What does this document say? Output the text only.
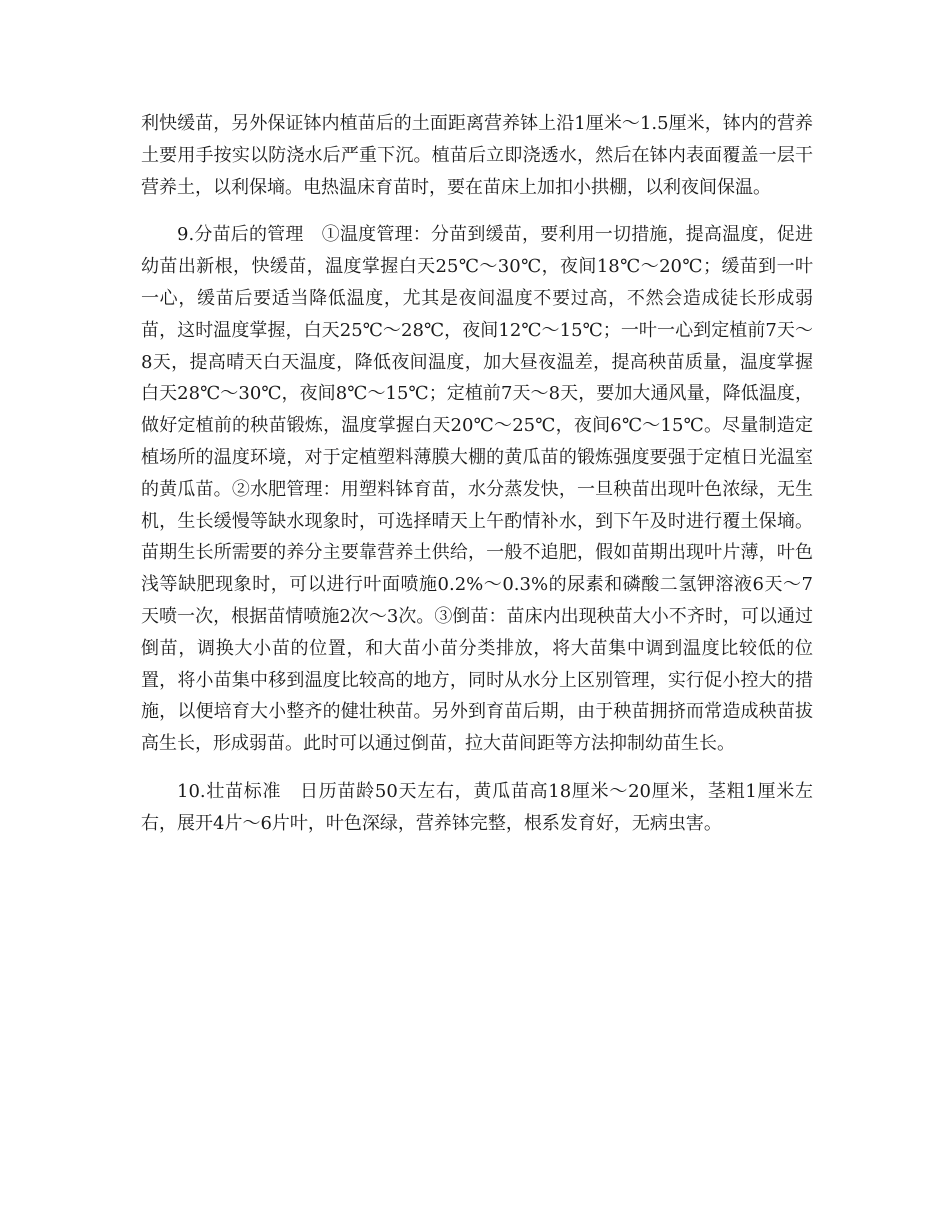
利快缓苗，另外保证钵内植苗后的土面距离营养钵上沿1厘米～1.5厘米，钵内的营养土要用手按实以防浇水后严重下沉。植苗后立即浇透水，然后在钵内表面覆盖一层干营养土，以利保墒。电热温床育苗时，要在苗床上加扣小拱棚，以利夜间保温。

9.分苗后的管理　①温度管理：分苗到缓苗，要利用一切措施，提高温度，促进幼苗出新根，快缓苗，温度掌握白天25℃～30℃，夜间18℃～20℃；缓苗到一叶一心，缓苗后要适当降低温度，尤其是夜间温度不要过高，不然会造成徒长形成弱苗，这时温度掌握，白天25℃～28℃，夜间12℃～15℃；一叶一心到定植前7天～8天，提高晴天白天温度，降低夜间温度，加大昼夜温差，提高秧苗质量，温度掌握白天28℃～30℃，夜间8℃～15℃；定植前7天～8天，要加大通风量，降低温度，做好定植前的秧苗锻炼，温度掌握白天20℃～25℃，夜间6℃～15℃。尽量制造定植场所的温度环境，对于定植塑料薄膜大棚的黄瓜苗的锻炼强度要强于定植日光温室的黄瓜苗。②水肥管理：用塑料钵育苗，水分蒸发快，一旦秧苗出现叶色浓绿，无生机，生长缓慢等缺水现象时，可选择晴天上午酌情补水，到下午及时进行覆土保墒。苗期生长所需要的养分主要靠营养土供给，一般不追肥，假如苗期出现叶片薄，叶色浅等缺肥现象时，可以进行叶面喷施0.2%～0.3%的尿素和磷酸二氢钾溶液6天～7天喷一次，根据苗情喷施2次～3次。③倒苗：苗床内出现秧苗大小不齐时，可以通过倒苗，调换大小苗的位置，和大苗小苗分类排放，将大苗集中调到温度比较低的位置，将小苗集中移到温度比较高的地方，同时从水分上区别管理，实行促小控大的措施，以便培育大小整齐的健壮秧苗。另外到育苗后期，由于秧苗拥挤而常造成秧苗拔高生长，形成弱苗。此时可以通过倒苗，拉大苗间距等方法抑制幼苗生长。

10.壮苗标准　日历苗龄50天左右，黄瓜苗高18厘米～20厘米，茎粗1厘米左右，展开4片～6片叶，叶色深绿，营养钵完整，根系发育好，无病虫害。
